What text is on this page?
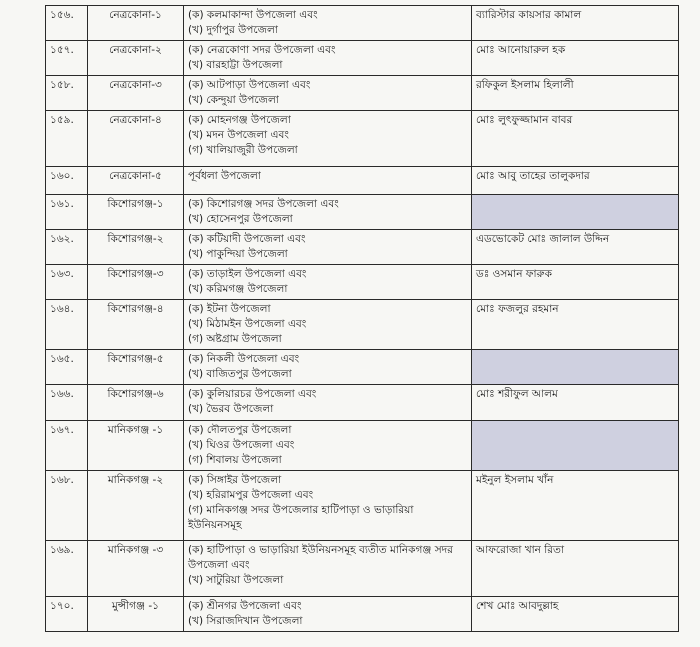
১৫৬.	নেত্রকোনা-১	(ক) কলমাকান্দা উপজেলা এবং
(খ) দুর্গাপুর উপজেলা	ব্যারিস্টার কায়সার কামাল
১৫৭.	নেত্রকোনা-২	(ক) নেত্রকোণা সদর উপজেলা এবং
(খ) বারহাট্টা উপজেলা	মোঃ আনোয়ারুল হক
১৫৮.	নেত্রকোনা-৩	(ক) আটপাড়া উপজেলা এবং
(খ) কেন্দুয়া উপজেলা	রফিকুল ইসলাম হিলালী
১৫৯.	নেত্রকোনা-৪	(ক) মোহনগঞ্জ উপজেলা
(খ) মদন উপজেলা এবং
(গ) খালিয়াজুরী উপজেলা	মোঃ লুৎফুজ্জামান বাবর
১৬০.	নেত্রকোনা-৫	পূর্বধলা উপজেলা	মোঃ আবু তাহের তালুকদার
১৬১.	কিশোরগঞ্জ-১	(ক) কিশোরগঞ্জ সদর উপজেলা এবং
(খ) হোসেনপুর উপজেলা	

১৬২.	কিশোরগঞ্জ-২	(ক) কটিয়াদী উপজেলা এবং
(খ) পাকুন্দিয়া উপজেলা	এডভোকেট মোঃ জালাল উদ্দিন
১৬৩.	কিশোরগঞ্জ-৩	(ক) তাড়াইল উপজেলা এবং
(খ) করিমগঞ্জ উপজেলা	ডঃ ওসমান ফারুক
১৬৪.	কিশোরগঞ্জ-৪	(ক) ইটনা উপজেলা
(খ) মিঠামইন উপজেলা এবং
(গ) অষ্টগ্রাম উপজেলা	মোঃ ফজলুর রহমান
১৬৫.	কিশোরগঞ্জ-৫	(ক) নিকলী উপজেলা এবং
(খ) বাজিতপুর উপজেলা	

১৬৬.	কিশোরগঞ্জ-৬	(ক) কুলিয়ারচর উপজেলা এবং
(খ) ভৈরব উপজেলা	মোঃ শরীফুল আলম
১৬৭.	মানিকগঞ্জ -১	(ক) দৌলতপুর উপজেলা
(খ) ঘিওর উপজেলা এবং
(গ) শিবালয় উপজেলা	

১৬৮.	মানিকগঞ্জ -২	(ক) সিঙ্গাইর উপজেলা
(খ) হরিরামপুর উপজেলা এবং
(গ) মানিকগঞ্জ সদর উপজেলার হাটিপাড়া ও ভাড়ারিয়া ইউনিয়নসমূহ	মইনুল ইসলাম খাঁন
১৬৯.	মানিকগঞ্জ -৩	(ক) হাটিপাড়া ও ভাড়ারিয়া ইউনিয়নসমূহ ব্যতীত মানিকগঞ্জ সদর উপজেলা এবং
(খ) সাটুরিয়া উপজেলা	আফরোজা খান রিতা
১৭০.	মুন্সীগঞ্জ -১	(ক) শ্রীনগর উপজেলা এবং
(খ) সিরাজদিখান উপজেলা	শেখ মোঃ আবদুল্লাহ
